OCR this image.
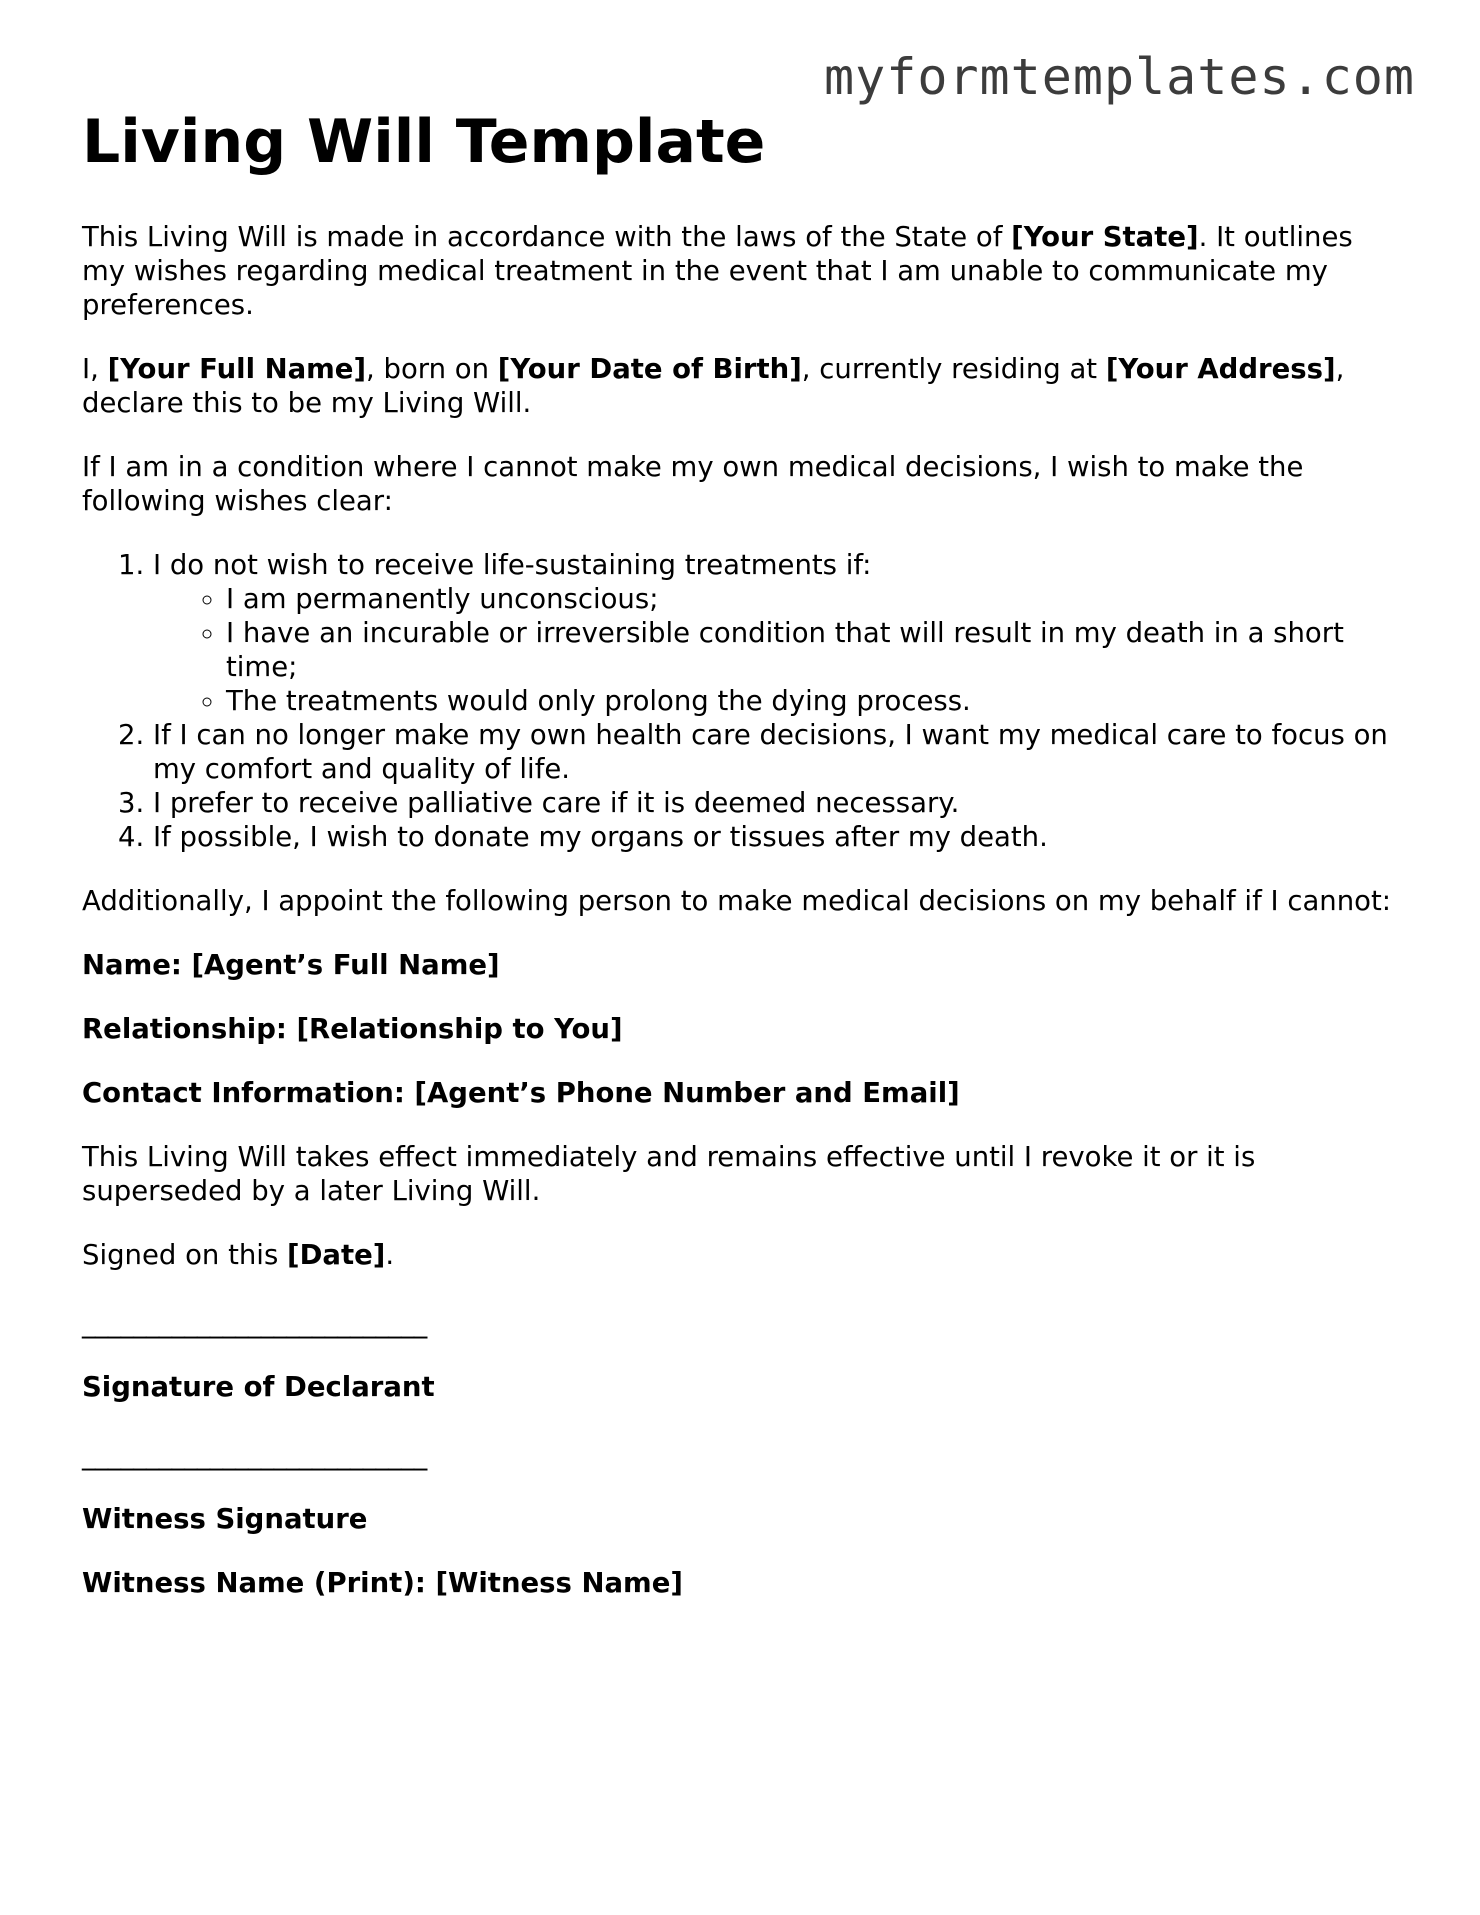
myformtemplates.com
Living Will Template

This Living Will is made in accordance with the laws of the State of [Your State]. It outlines my wishes regarding medical treatment in the event that I am unable to communicate my preferences.

I, [Your Full Name], born on [Your Date of Birth], currently residing at [Your Address], declare this to be my Living Will.

If I am in a condition where I cannot make my own medical decisions, I wish to make the following wishes clear:

1. I do not wish to receive life-sustaining treatments if:
◦ I am permanently unconscious;
◦ I have an incurable or irreversible condition that will result in my death in a short time;
◦ The treatments would only prolong the dying process.
2. If I can no longer make my own health care decisions, I want my medical care to focus on my comfort and quality of life.
3. I prefer to receive palliative care if it is deemed necessary.
4. If possible, I wish to donate my organs or tissues after my death.

Additionally, I appoint the following person to make medical decisions on my behalf if I cannot:

Name: [Agent’s Full Name]

Relationship: [Relationship to You]

Contact Information: [Agent’s Phone Number and Email]

This Living Will takes effect immediately and remains effective until I revoke it or it is superseded by a later Living Will.

Signed on this [Date].

___________________________

Signature of Declarant

___________________________

Witness Signature

Witness Name (Print): [Witness Name]
